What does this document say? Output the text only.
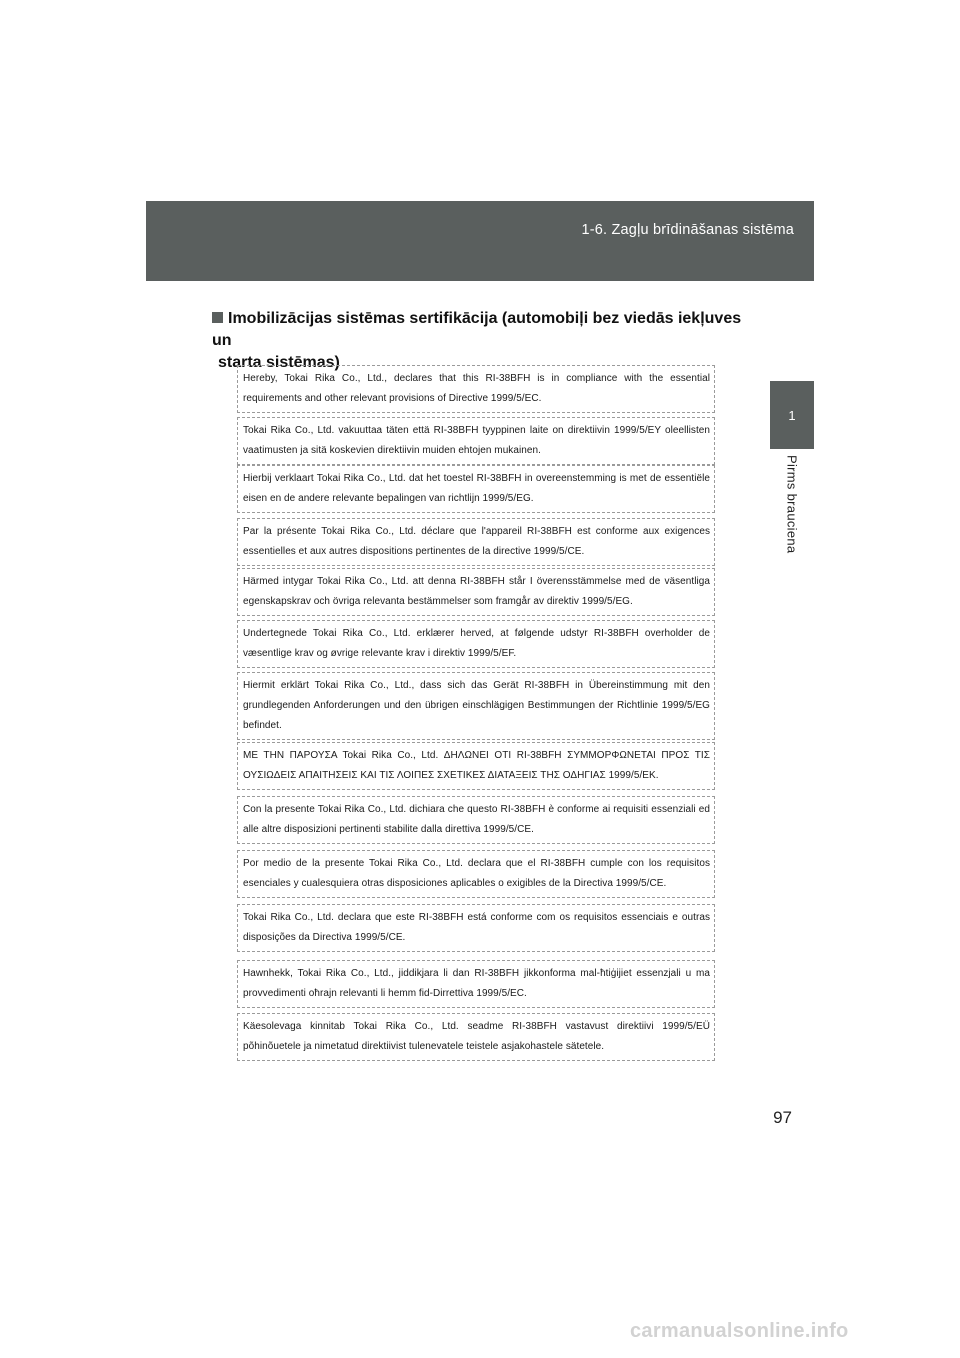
1-6. Zagļu brīdināšanas sistēma
1
Pirms brauciena
Imobilizācijas sistēmas sertifikācija (automobiļi bez viedās iekļuves un
starta sistēmas)
Hereby, Tokai Rika Co., Ltd., declares that this RI-38BFH is in compliance with the essential requirements and other relevant provisions of Directive 1999/5/EC.
Tokai Rika Co., Ltd. vakuuttaa täten että RI-38BFH tyyppinen laite on direktiivin 1999/5/EY oleellisten vaatimusten ja sitä koskevien direktiivin muiden ehtojen mukainen.
Hierbij verklaart Tokai Rika Co., Ltd. dat het toestel RI-38BFH in overeenstemming is met de essentiële eisen en de andere relevante bepalingen van richtlijn 1999/5/EG.
Par la présente Tokai Rika Co., Ltd. déclare que l'appareil RI-38BFH est conforme aux exigences essentielles et aux autres dispositions pertinentes de la directive 1999/5/CE.
Härmed intygar Tokai Rika Co., Ltd. att denna RI-38BFH står I överensstämmelse med de väsentliga egenskapskrav och övriga relevanta bestämmelser som framgår av direktiv 1999/5/EG.
Undertegnede Tokai Rika Co., Ltd. erklærer herved, at følgende udstyr RI-38BFH overholder de væsentlige krav og øvrige relevante krav i direktiv 1999/5/EF.
Hiermit erklärt Tokai Rika Co., Ltd., dass sich das Gerät RI-38BFH in Übereinstimmung mit den grundlegenden Anforderungen und den übrigen einschlägigen Bestimmungen der Richtlinie 1999/5/EG befindet.
ΜΕ ΤΗΝ ΠΑΡΟΥΣΑ Tokai Rika Co., Ltd. ΔΗΛΩΝΕΙ ΟΤΙ RI-38BFH ΣΥΜΜΟΡΦΩΝΕΤΑΙ ΠΡΟΣ ΤΙΣ ΟΥΣΙΩΔΕΙΣ ΑΠΑΙΤΗΣΕΙΣ ΚΑΙ ΤΙΣ ΛΟΙΠΕΣ ΣΧΕΤΙΚΕΣ ΔΙΑΤΑΞΕΙΣ ΤΗΣ ΟΔΗΓΙΑΣ 1999/5/ΕΚ.
Con la presente Tokai Rika Co., Ltd. dichiara che questo RI-38BFH è conforme ai requisiti essenziali ed alle altre disposizioni pertinenti stabilite dalla direttiva 1999/5/CE.
Por medio de la presente Tokai Rika Co., Ltd. declara que el RI-38BFH cumple con los requisitos esenciales y cualesquiera otras disposiciones aplicables o exigibles de la Directiva 1999/5/CE.
Tokai Rika Co., Ltd. declara que este RI-38BFH está conforme com os requisitos essenciais e outras disposições da Directiva 1999/5/CE.
Hawnhekk, Tokai Rika Co., Ltd., jiddikjara li dan RI-38BFH jikkonforma mal-ħtiġijiet essenzjali u ma provvedimenti oħrajn relevanti li hemm fid-Dirrettiva 1999/5/EC.
Käesolevaga kinnitab Tokai Rika Co., Ltd. seadme RI-38BFH vastavust direktiivi 1999/5/EÜ põhinõuetele ja nimetatud direktiivist tulenevatele teistele asjakohastele sätetele.
97
carmanualsonline.info
